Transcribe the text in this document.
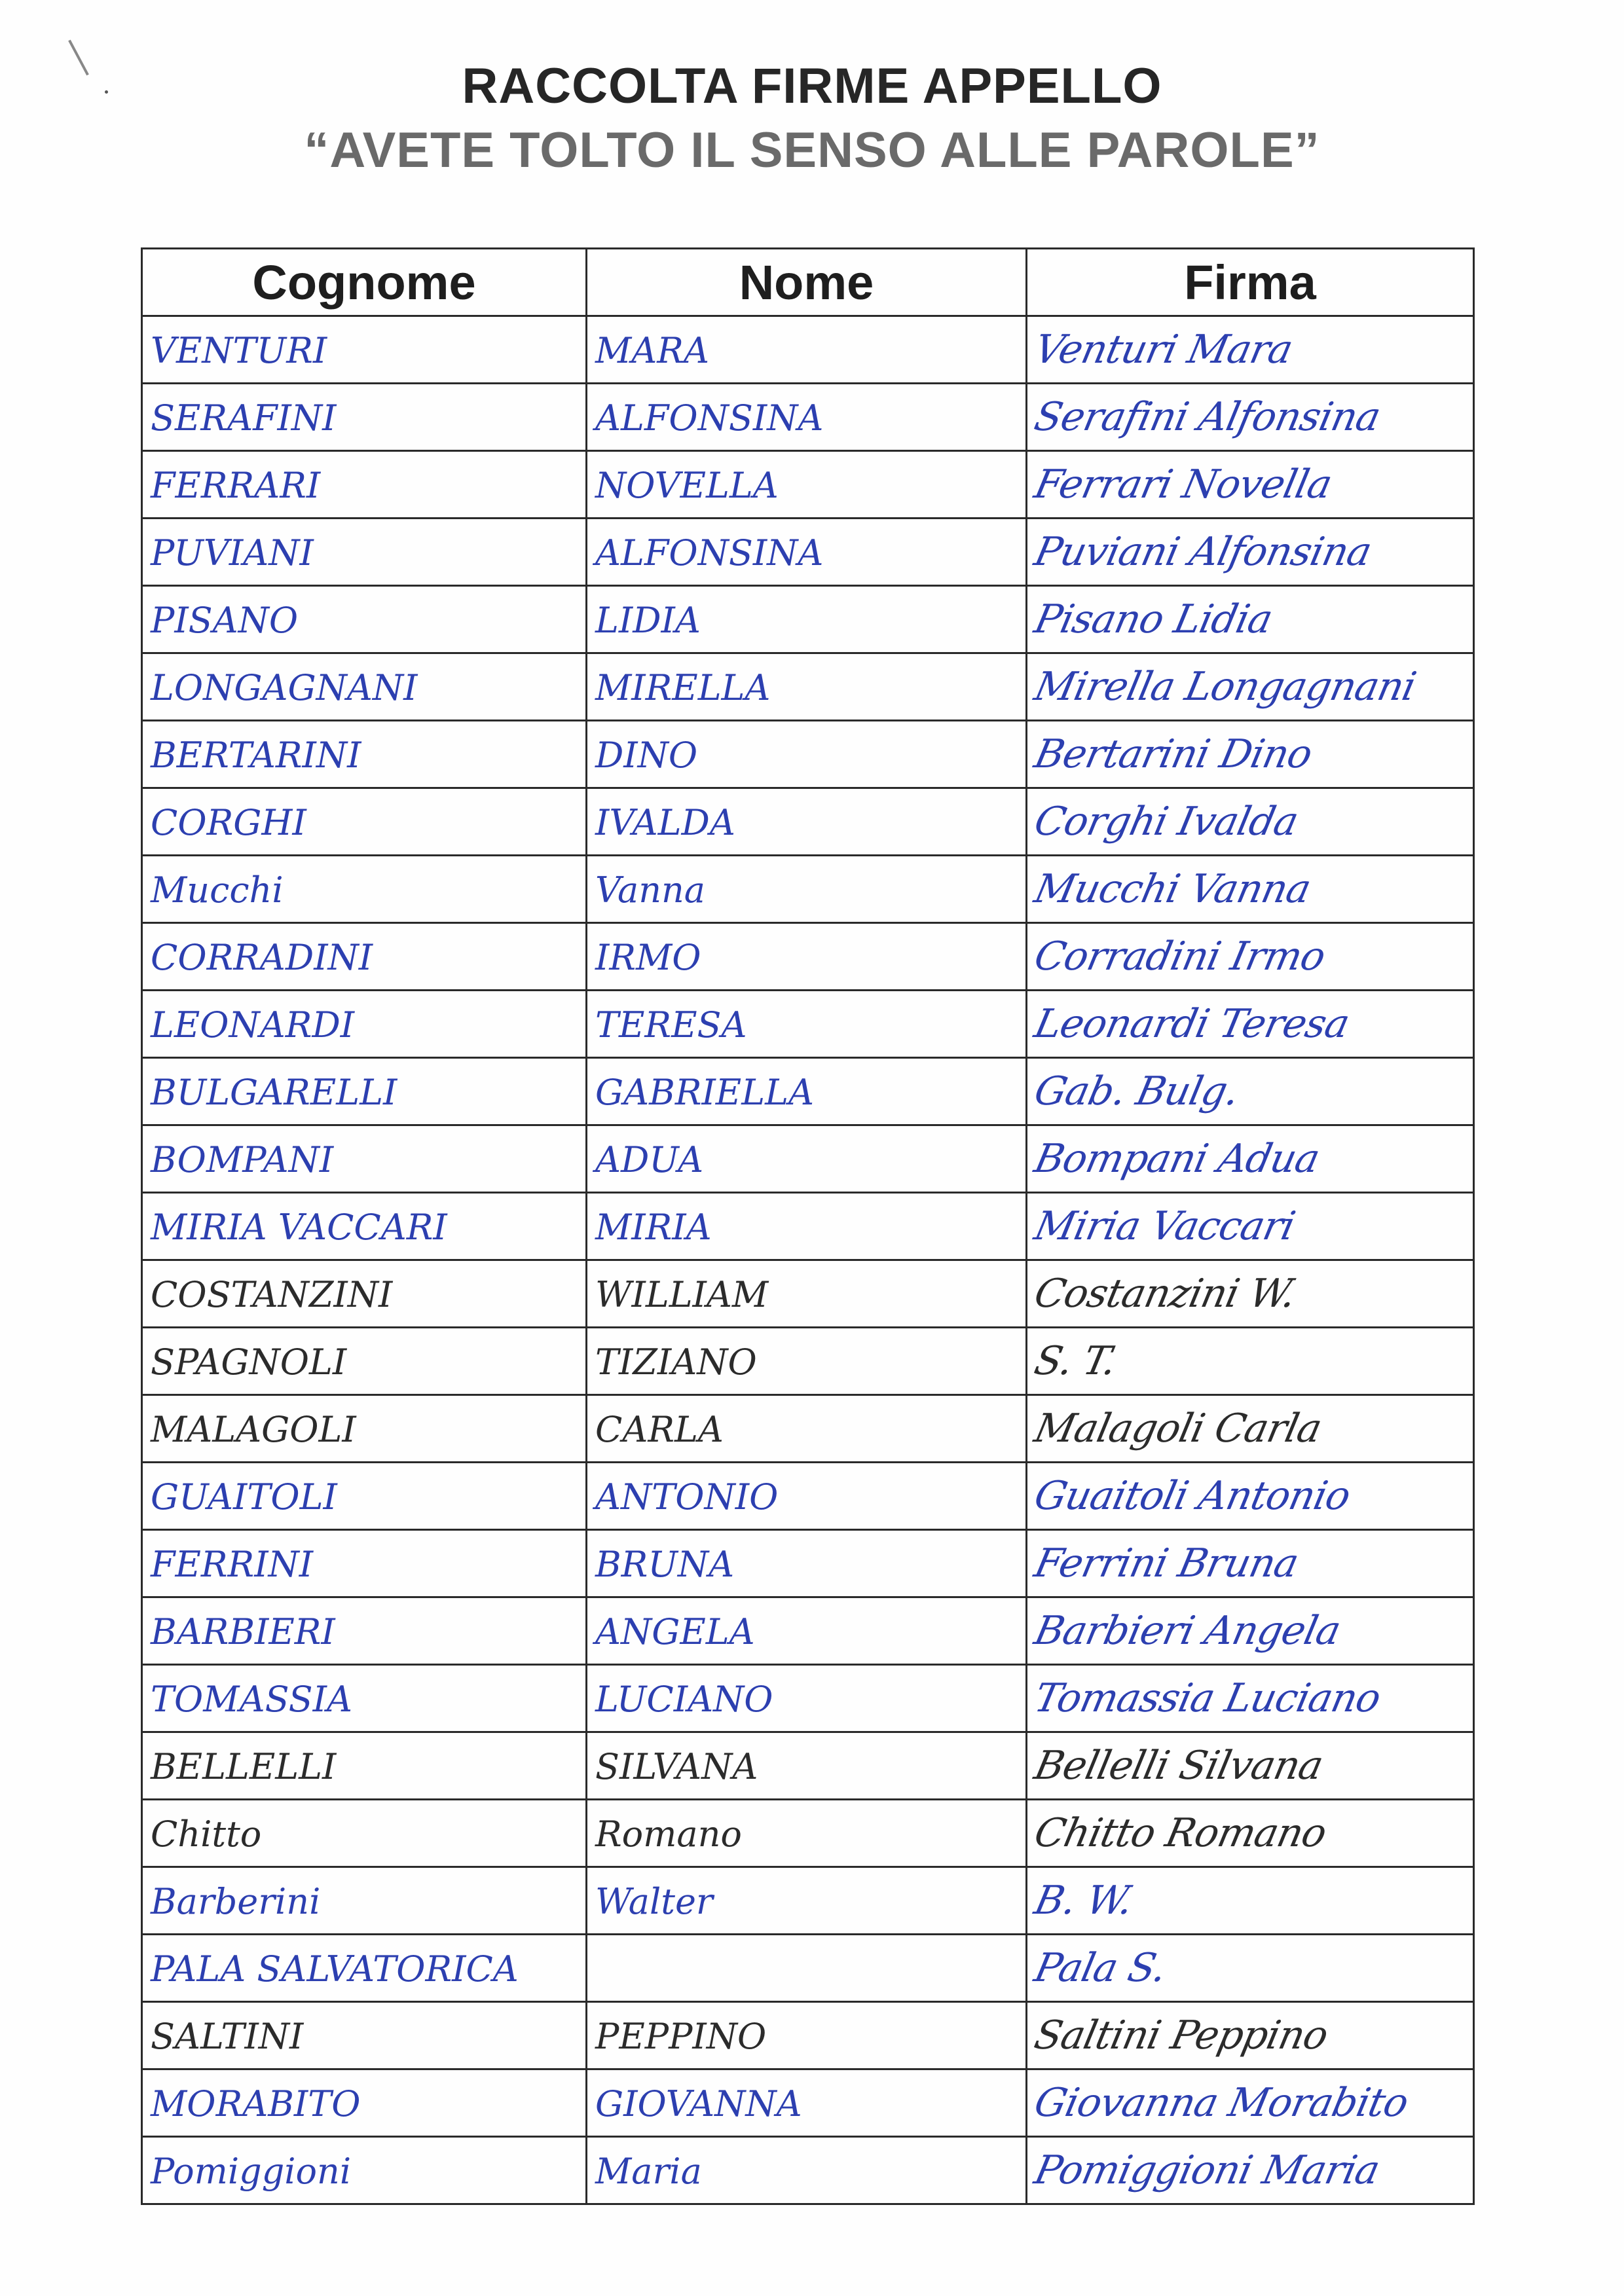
RACCOLTA FIRME APPELLO
“AVETE TOLTO IL SENSO ALLE PAROLE”
Cognome	Nome	Firma
VENTURI	MARA	Venturi Mara
SERAFINI	ALFONSINA	Serafini Alfonsina
FERRARI	NOVELLA	Ferrari Novella
PUVIANI	ALFONSINA	Puviani Alfonsina
PISANO	LIDIA	Pisano Lidia
LONGAGNANI	MIRELLA	Mirella Longagnani
BERTARINI	DINO	Bertarini Dino
CORGHI	IVALDA	Corghi Ivalda
Mucchi	Vanna	Mucchi Vanna
CORRADINI	IRMO	Corradini Irmo
LEONARDI	TERESA	Leonardi Teresa
BULGARELLI	GABRIELLA	Gab. Bulg.
BOMPANI	ADUA	Bompani Adua
MIRIA VACCARI	MIRIA	Miria Vaccari
COSTANZINI	WILLIAM	Costanzini W.
SPAGNOLI	TIZIANO	S. T.
MALAGOLI	CARLA	Malagoli Carla
GUAITOLI	ANTONIO	Guaitoli Antonio
FERRINI	BRUNA	Ferrini Bruna
BARBIERI	ANGELA	Barbieri Angela
TOMASSIA	LUCIANO	Tomassia Luciano
BELLELLI	SILVANA	Bellelli Silvana
Chitto	Romano	Chitto Romano
Barberini	Walter	B. W.
PALA SALVATORICA		Pala S.
SALTINI	PEPPINO	Saltini Peppino
MORABITO	GIOVANNA	Giovanna Morabito
Pomiggioni	Maria	Pomiggioni Maria
